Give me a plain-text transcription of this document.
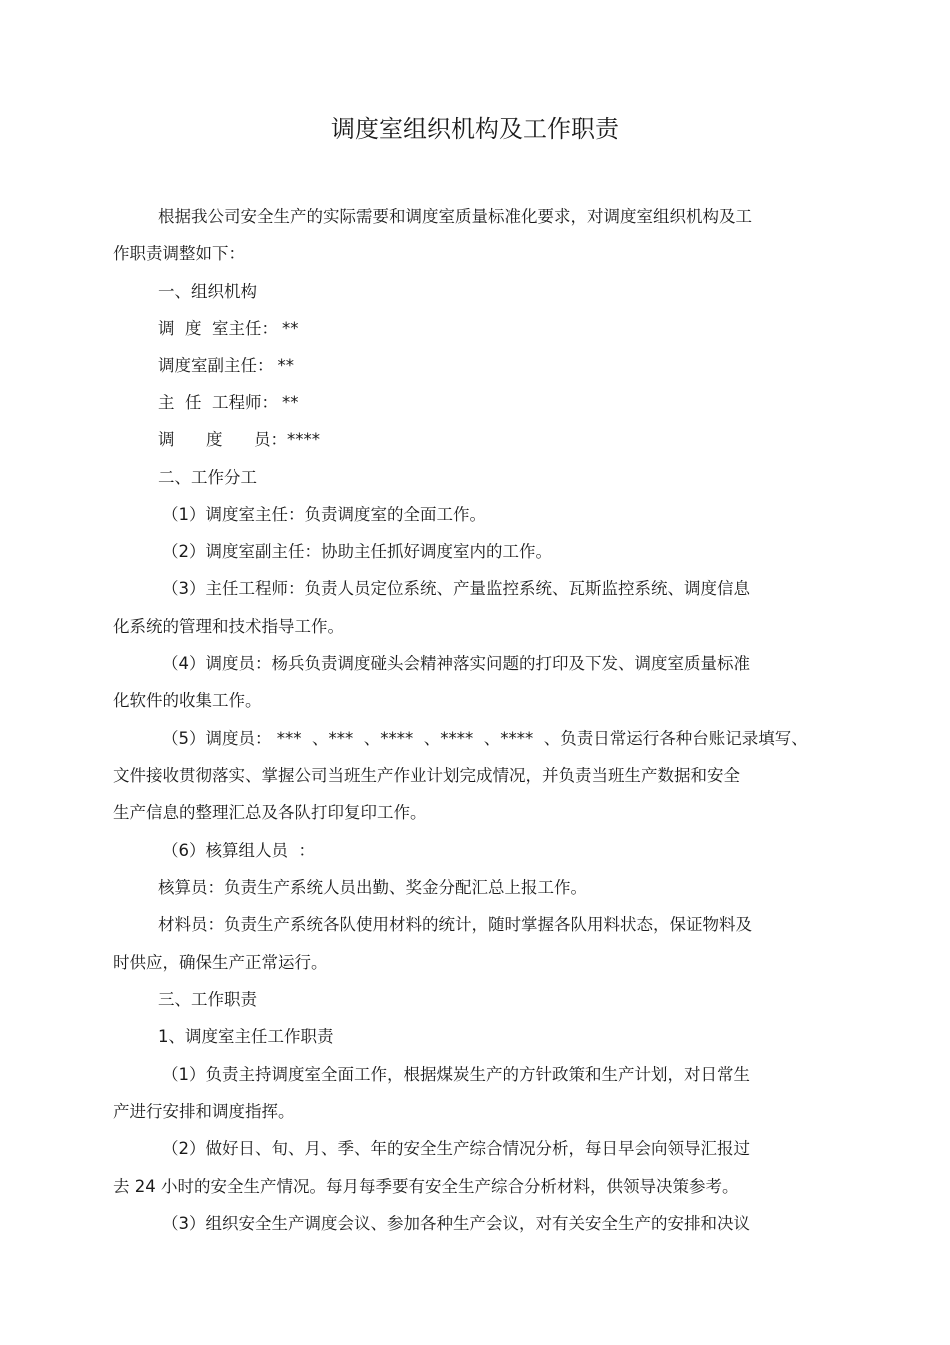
调度室组织机构及工作职责
根据我公司安全生产的实际需要和调度室质量标准化要求，对调度室组织机构及工
作职责调整如下：
一、组织机构
调  度  室主任： **
调度室副主任： **
主  任  工程师： **
调      度      员：****
二、工作分工
（1）调度室主任：负责调度室的全面工作。
（2）调度室副主任：协助主任抓好调度室内的工作。
（3）主任工程师：负责人员定位系统、产量监控系统、瓦斯监控系统、调度信息
化系统的管理和技术指导工作。
（4）调度员：杨兵负责调度碰头会精神落实问题的打印及下发、调度室质量标准
化软件的收集工作。
（5）调度员： ***  、***  、****  、****  、****  、负责日常运行各种台账记录填写、
文件接收贯彻落实、掌握公司当班生产作业计划完成情况，并负责当班生产数据和安全
生产信息的整理汇总及各队打印复印工作。
（6）核算组人员  ：
核算员：负责生产系统人员出勤、奖金分配汇总上报工作。
材料员：负责生产系统各队使用材料的统计，随时掌握各队用料状态，保证物料及
时供应，确保生产正常运行。
三、工作职责
1、调度室主任工作职责
（1）负责主持调度室全面工作，根据煤炭生产的方针政策和生产计划，对日常生
产进行安排和调度指挥。
（2）做好日、旬、月、季、年的安全生产综合情况分析，每日早会向领导汇报过
去 24 小时的安全生产情况。每月每季要有安全生产综合分析材料，供领导决策参考。
（3）组织安全生产调度会议、参加各种生产会议，对有关安全生产的安排和决议
